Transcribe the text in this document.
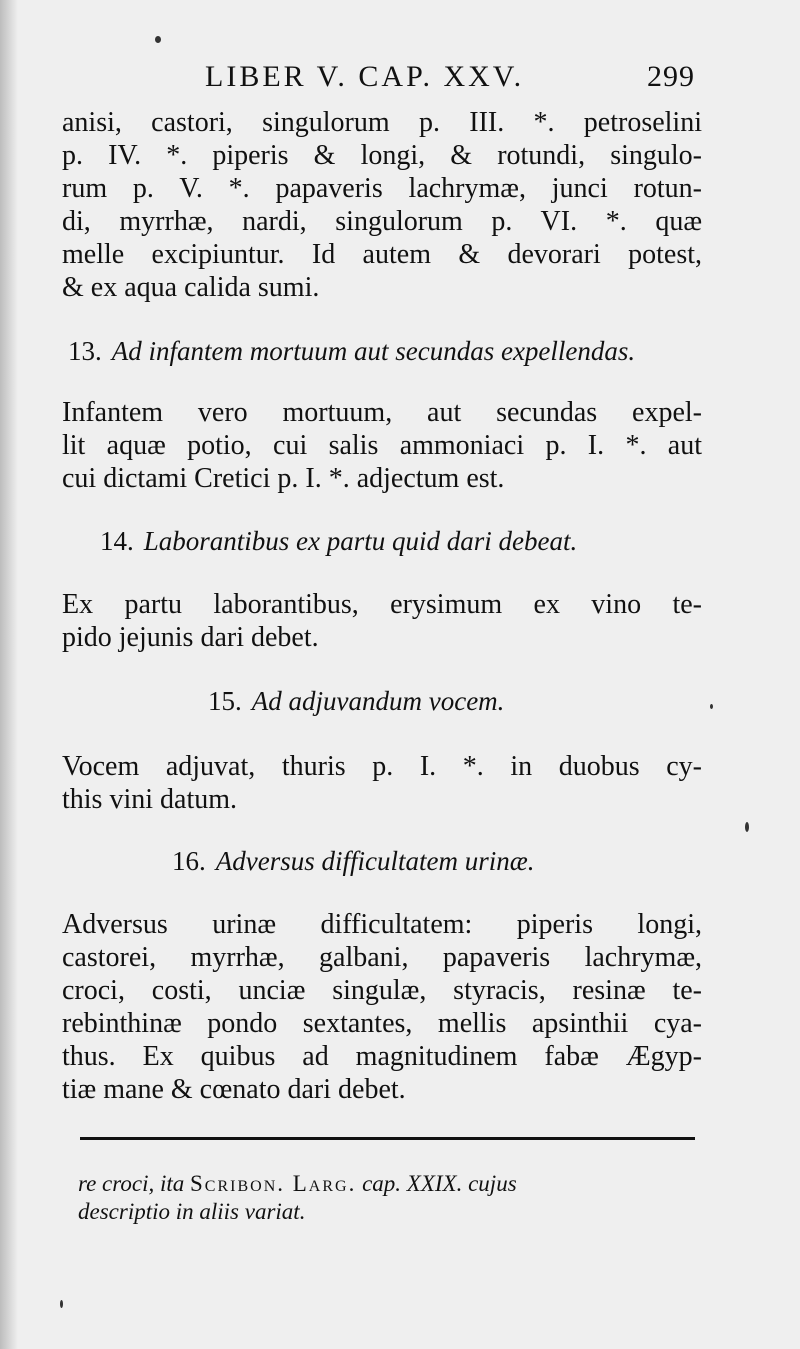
LIBER V. CAP. XXV.	299
anisi, castori, singulorum p. III. *. petroselini
p. IV. *. piperis & longi, & rotundi, singulo-
rum p. V. *. papaveris lachrymæ, junci rotun-
di, myrrhæ, nardi, singulorum p. VI. *. quæ
melle excipiuntur. Id autem & devorari potest,
& ex aqua calida sumi.
13. Ad infantem mortuum aut secundas expellendas.
Infantem vero mortuum, aut secundas expel-
lit aquæ potio, cui salis ammoniaci p. I. *. aut
cui dictami Cretici p. I. *. adjectum est.
14. Laborantibus ex partu quid dari debeat.
Ex partu laborantibus, erysimum ex vino te-
pido jejunis dari debet.
15. Ad adjuvandum vocem.
Vocem adjuvat, thuris p. I. *. in duobus cy-
this vini datum.
16. Adversus difficultatem urinæ.
Adversus urinæ difficultatem: piperis longi,
castorei, myrrhæ, galbani, papaveris lachrymæ,
croci, costi, unciæ singulæ, styracis, resinæ te-
rebinthinæ pondo sextantes, mellis apsinthii cya-
thus. Ex quibus ad magnitudinem fabæ Ægyp-
tiæ mane & cœnato dari debet.
re croci, ita Scribon. Larg. cap. XXIX. cujus
descriptio in aliis variat.
